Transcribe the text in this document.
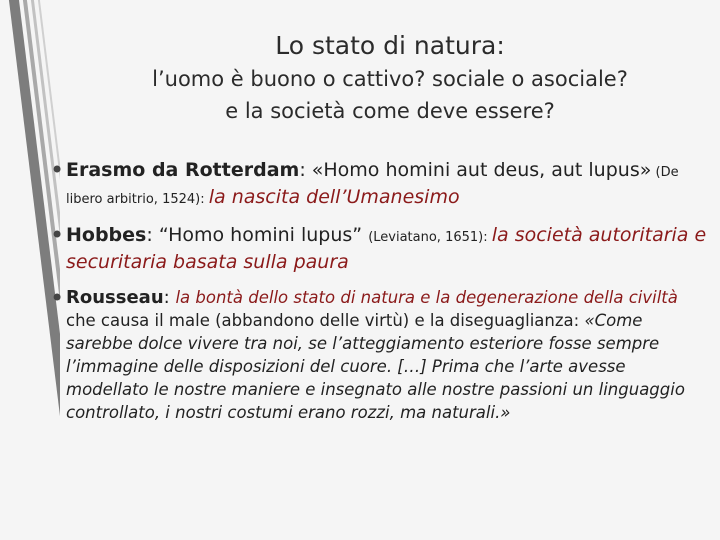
Lo stato di natura:
l’uomo è buono o cattivo? sociale o asociale?
e la società come deve essere?
• Erasmo da Rotterdam: «Homo homini aut deus, aut lupus» (De libero arbitrio, 1524): la nascita dell’Umanesimo
• Hobbes: “Homo homini lupus” (Leviatano, 1651): la società autoritaria e securitaria basata sulla paura
• Rousseau: la bontà dello stato di natura e la degenerazione della civiltà che causa il male (abbandono delle virtù) e la diseguaglianza: «Come sarebbe dolce vivere tra noi, se l’atteggiamento esteriore fosse sempre l’immagine delle disposizioni del cuore. […] Prima che l’arte avesse modellato le nostre maniere e insegnato alle nostre passioni un linguaggio controllato, i nostri costumi erano rozzi, ma naturali.»
